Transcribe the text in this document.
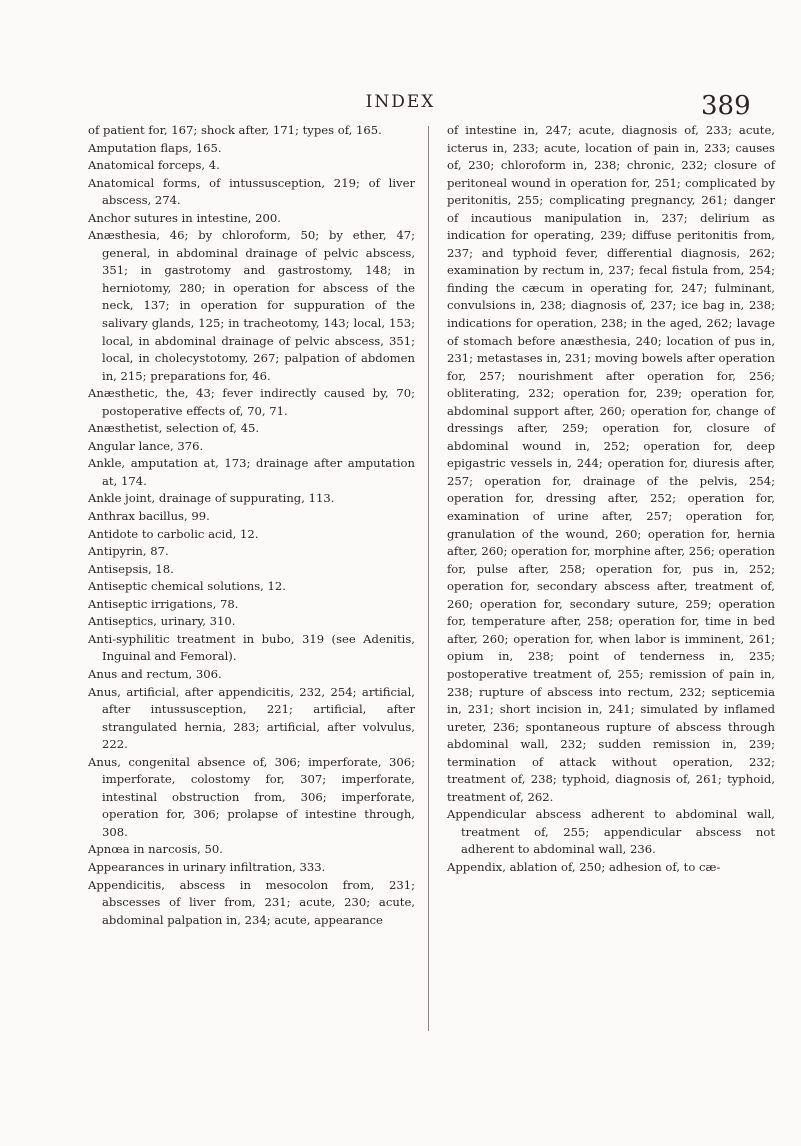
INDEX	389

of patient for, 167; shock after, 171; types of, 165.

Amputation flaps, 165.

Anatomical forceps, 4.

Anatomical forms, of intussusception, 219; of liver abscess, 274.

Anchor sutures in intestine, 200.

Anæsthesia, 46; by chloroform, 50; by ether, 47; general, in abdominal drainage of pelvic abscess, 351; in gastrotomy and gastrostomy, 148; in herniotomy, 280; in operation for abscess of the neck, 137; in operation for suppuration of the salivary glands, 125; in tracheotomy, 143; local, 153; local, in abdominal drainage of pelvic abscess, 351; local, in cholecystotomy, 267; palpation of abdomen in, 215; preparations for, 46.

Anæsthetic, the, 43; fever indirectly caused by, 70; postoperative effects of, 70, 71.

Anæsthetist, selection of, 45.

Angular lance, 376.

Ankle, amputation at, 173; drainage after amputation at, 174.

Ankle joint, drainage of suppurating, 113.

Anthrax bacillus, 99.

Antidote to carbolic acid, 12.

Antipyrin, 87.

Antisepsis, 18.

Antiseptic chemical solutions, 12.

Antiseptic irrigations, 78.

Antiseptics, urinary, 310.

Anti-syphilitic treatment in bubo, 319 (see Adenitis, Inguinal and Femoral).

Anus and rectum, 306.

Anus, artificial, after appendicitis, 232, 254; artificial, after intussusception, 221; artificial, after strangulated hernia, 283; artificial, after volvulus, 222.

Anus, congenital absence of, 306; imperforate, 306; imperforate, colostomy for, 307; imperforate, intestinal obstruction from, 306; imperforate, operation for, 306; prolapse of intestine through, 308.

Apnœa in narcosis, 50.

Appearances in urinary infiltration, 333.

Appendicitis, abscess in mesocolon from, 231; abscesses of liver from, 231; acute, 230; acute, abdominal palpation in, 234; acute, appearance

of intestine in, 247; acute, diagnosis of, 233; acute, icterus in, 233; acute, location of pain in, 233; causes of, 230; chloroform in, 238; chronic, 232; closure of peritoneal wound in operation for, 251; complicated by peritonitis, 255; complicating pregnancy, 261; danger of incautious manipulation in, 237; delirium as indication for operating, 239; diffuse peritonitis from, 237; and typhoid fever, differential diagnosis, 262; examination by rectum in, 237; fecal fistula from, 254; finding the cæcum in operating for, 247; fulminant, convulsions in, 238; diagnosis of, 237; ice bag in, 238; indications for operation, 238; in the aged, 262; lavage of stomach before anæsthesia, 240; location of pus in, 231; metastases in, 231; moving bowels after operation for, 257; nourishment after operation for, 256; obliterating, 232; operation for, 239; operation for, abdominal support after, 260; operation for, change of dressings after, 259; operation for, closure of abdominal wound in, 252; operation for, deep epigastric vessels in, 244; operation for, diuresis after, 257; operation for, drainage of the pelvis, 254; operation for, dressing after, 252; operation for, examination of urine after, 257; operation for, granulation of the wound, 260; operation for, hernia after, 260; operation for, morphine after, 256; operation for, pulse after, 258; operation for, pus in, 252; operation for, secondary abscess after, treatment of, 260; operation for, secondary suture, 259; operation for, temperature after, 258; operation for, time in bed after, 260; operation for, when labor is imminent, 261; opium in, 238; point of tenderness in, 235; postoperative treatment of, 255; remission of pain in, 238; rupture of abscess into rectum, 232; septicemia in, 231; short incision in, 241; simulated by inflamed ureter, 236; spontaneous rupture of abscess through abdominal wall, 232; sudden remission in, 239; termination of attack without operation, 232; treatment of, 238; typhoid, diagnosis of, 261; typhoid, treatment of, 262.

Appendicular abscess adherent to abdominal wall, treatment of, 255; appendicular abscess not adherent to abdominal wall, 236.

Appendix, ablation of, 250; adhesion of, to cæ-
